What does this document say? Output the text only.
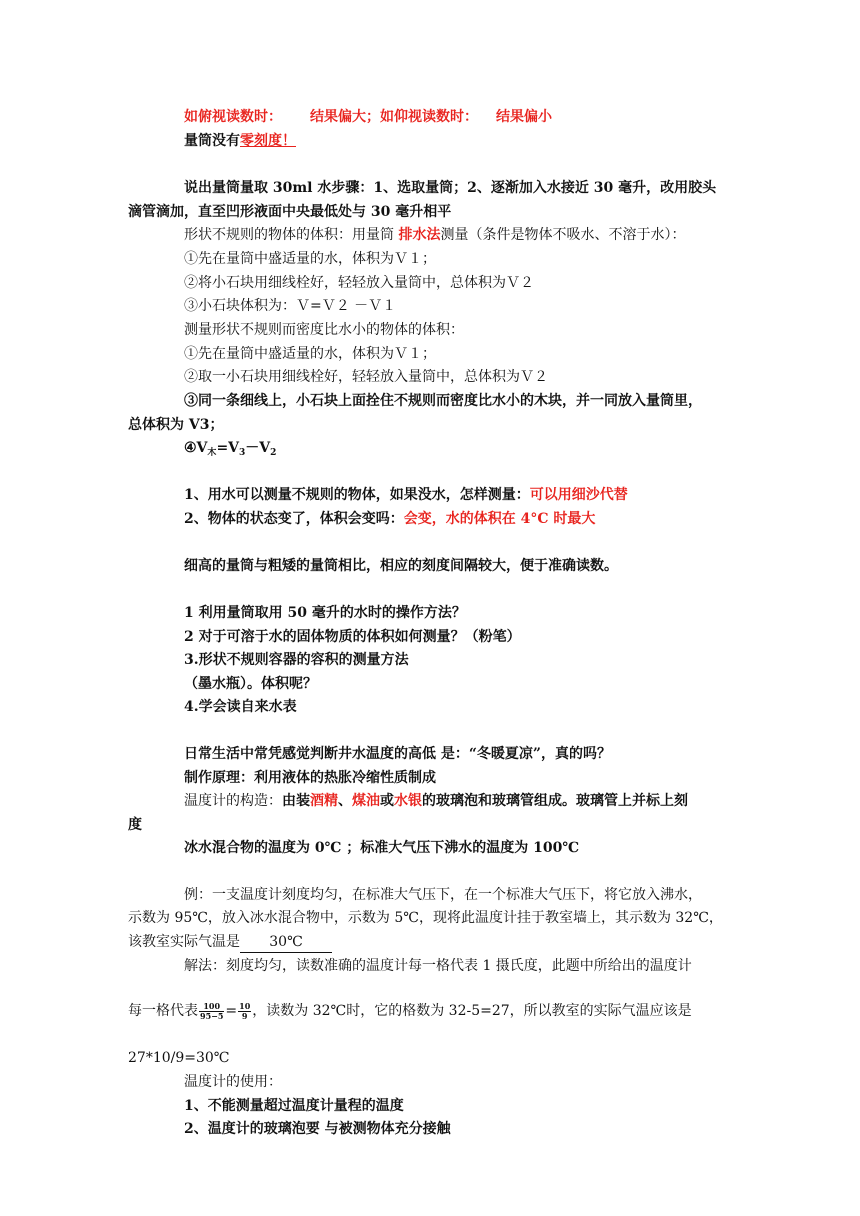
如俯视读数时： 结果偏大；如仰视读数时： 结果偏小
量筒没有零刻度！
说出量筒量取 30ml 水步骤：1、选取量筒；2、逐渐加入水接近 30 毫升，改用胶头
滴管滴加，直至凹形液面中央最低处与 30 毫升相平
形状不规则的物体的体积：用量筒 排水法测量（条件是物体不吸水、不溶于水）：
①先在量筒中盛适量的水，体积为Ｖ１；
②将小石块用细线栓好，轻轻放入量筒中，总体积为Ｖ２
③小石块体积为：Ｖ=Ｖ２ －Ｖ１
测量形状不规则而密度比水小的物体的体积：
①先在量筒中盛适量的水，体积为Ｖ１；
②取一小石块用细线栓好，轻轻放入量筒中，总体积为Ｖ２
③同一条细线上，小石块上面拴住不规则而密度比水小的木块，并一同放入量筒里，
总体积为 V3；
$④V_木=V_3-V_2$
1、用水可以测量不规则的物体，如果没水，怎样测量：可以用细沙代替
2、物体的状态变了，体积会变吗：会变，水的体积在 4°C 时最大
细高的量筒与粗矮的量筒相比，相应的刻度间隔较大，便于准确读数。
1 利用量筒取用 50 毫升的水时的操作方法？
2 对于可溶于水的固体物质的体积如何测量？（粉笔）
3.形状不规则容器的容积的测量方法
（墨水瓶）。体积呢？
4.学会读自来水表
日常生活中常凭感觉判断井水温度的高低 是：“冬暖夏凉”，真的吗？
制作原理：利用液体的热胀冷缩性质制成
温度计的构造：由装酒精、煤油或水银的玻璃泡和玻璃管组成。玻璃管上并标上刻
度
冰水混合物的温度为 0℃ ；标准大气压下沸水的温度为 100℃
例：一支温度计刻度均匀，在标准大气压下，在一个标准大气压下，将它放入沸水，
示数为 95℃，放入冰水混合物中，示数为 5℃，现将此温度计挂于教室墙上，其示数为 32℃，
该教室实际气温是 30℃
解法：刻度均匀，读数准确的温度计每一格代表 1 摄氏度，此题中所给出的温度计
每一格代表 $\frac{100}{95-5} = \frac{10}{9}$ ，读数为 32℃时，它的格数为 32-5=27，所以教室的实际气温应该是
27*10/9=30℃
温度计的使用：
1、不能测量超过温度计量程的温度
2、温度计的玻璃泡要 与被测物体充分接触
